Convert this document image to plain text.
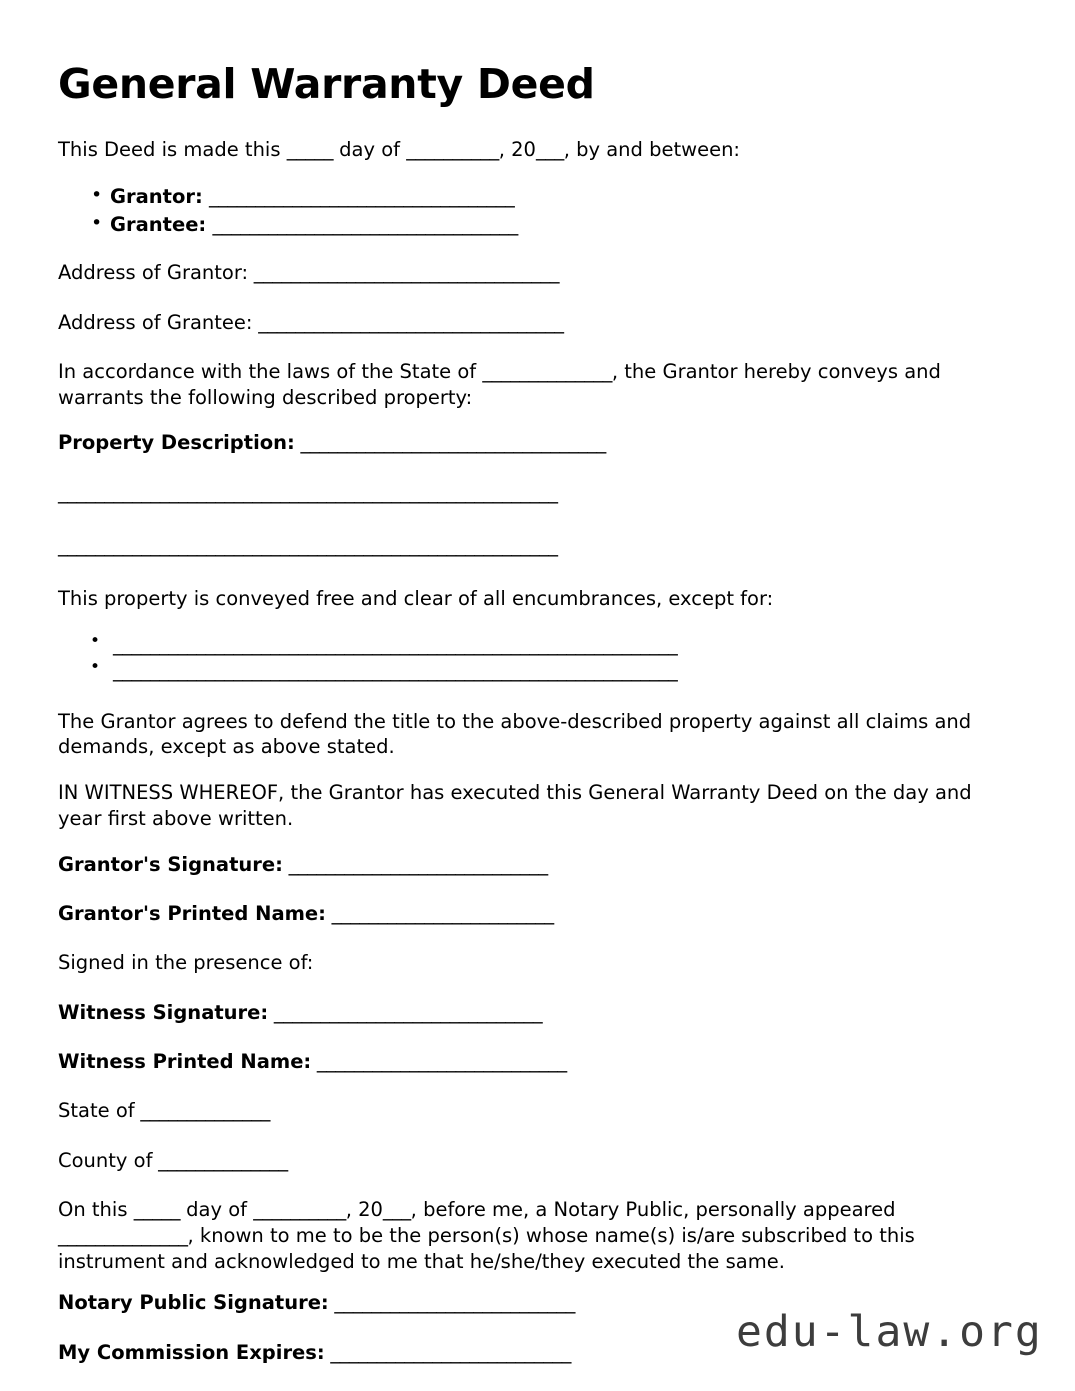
General Warranty Deed

This Deed is made this _____ day of __________, 20___, by and between:

• Grantor: _________________________________
• Grantee: _________________________________

Address of Grantor: _________________________________

Address of Grantee: _________________________________

In accordance with the laws of the State of ______________, the Grantor hereby conveys and warrants the following described property:

Property Description: _________________________________

______________________________________________________

______________________________________________________

This property is conveyed free and clear of all encumbrances, except for:

• _____________________________________________________________
• _____________________________________________________________

The Grantor agrees to defend the title to the above-described property against all claims and demands, except as above stated.

IN WITNESS WHEREOF, the Grantor has executed this General Warranty Deed on the day and year first above written.

Grantor's Signature: ____________________________

Grantor's Printed Name: ________________________

Signed in the presence of:

Witness Signature: _____________________________

Witness Printed Name: ___________________________

State of ______________

County of ______________

On this _____ day of __________, 20___, before me, a Notary Public, personally appeared ______________, known to me to be the person(s) whose name(s) is/are subscribed to this instrument and acknowledged to me that he/she/they executed the same.

Notary Public Signature: __________________________

My Commission Expires: __________________________	edu-law.org
